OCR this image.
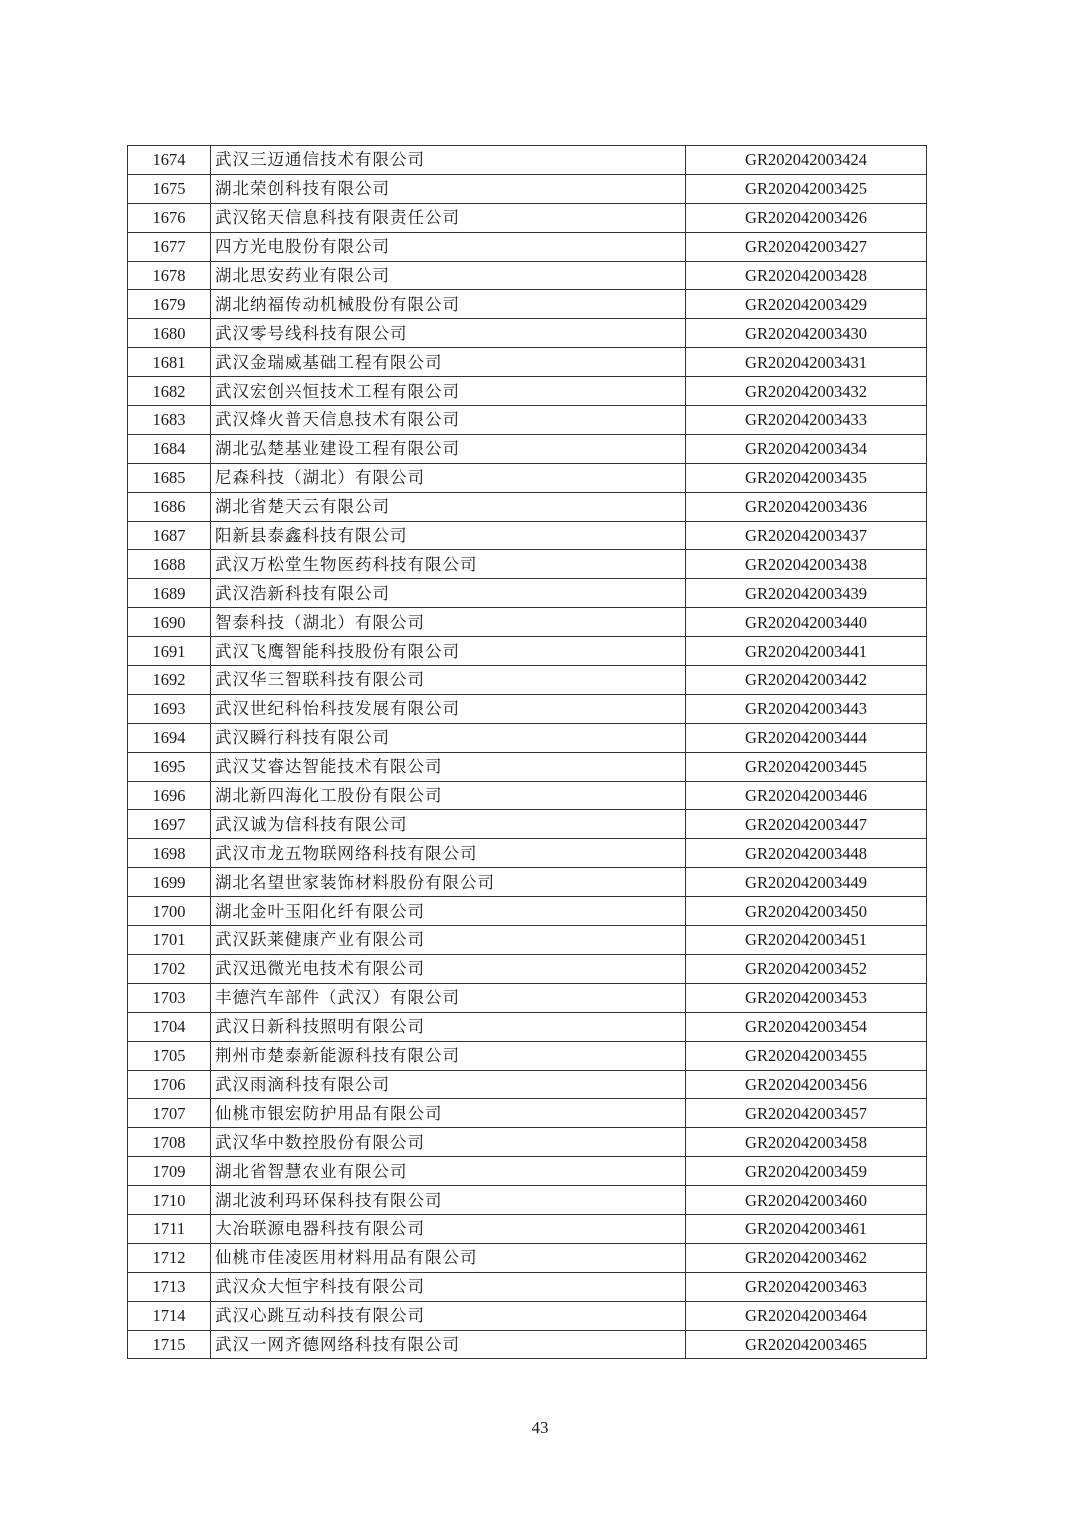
1674	武汉三迈通信技术有限公司	GR202042003424
1675	湖北荣创科技有限公司	GR202042003425
1676	武汉铭天信息科技有限责任公司	GR202042003426
1677	四方光电股份有限公司	GR202042003427
1678	湖北思安药业有限公司	GR202042003428
1679	湖北纳福传动机械股份有限公司	GR202042003429
1680	武汉零号线科技有限公司	GR202042003430
1681	武汉金瑞威基础工程有限公司	GR202042003431
1682	武汉宏创兴恒技术工程有限公司	GR202042003432
1683	武汉烽火普天信息技术有限公司	GR202042003433
1684	湖北弘楚基业建设工程有限公司	GR202042003434
1685	尼森科技（湖北）有限公司	GR202042003435
1686	湖北省楚天云有限公司	GR202042003436
1687	阳新县泰鑫科技有限公司	GR202042003437
1688	武汉万松堂生物医药科技有限公司	GR202042003438
1689	武汉浩新科技有限公司	GR202042003439
1690	智泰科技（湖北）有限公司	GR202042003440
1691	武汉飞鹰智能科技股份有限公司	GR202042003441
1692	武汉华三智联科技有限公司	GR202042003442
1693	武汉世纪科怡科技发展有限公司	GR202042003443
1694	武汉瞬行科技有限公司	GR202042003444
1695	武汉艾睿达智能技术有限公司	GR202042003445
1696	湖北新四海化工股份有限公司	GR202042003446
1697	武汉诚为信科技有限公司	GR202042003447
1698	武汉市龙五物联网络科技有限公司	GR202042003448
1699	湖北名望世家装饰材料股份有限公司	GR202042003449
1700	湖北金叶玉阳化纤有限公司	GR202042003450
1701	武汉跃莱健康产业有限公司	GR202042003451
1702	武汉迅微光电技术有限公司	GR202042003452
1703	丰德汽车部件（武汉）有限公司	GR202042003453
1704	武汉日新科技照明有限公司	GR202042003454
1705	荆州市楚泰新能源科技有限公司	GR202042003455
1706	武汉雨滴科技有限公司	GR202042003456
1707	仙桃市银宏防护用品有限公司	GR202042003457
1708	武汉华中数控股份有限公司	GR202042003458
1709	湖北省智慧农业有限公司	GR202042003459
1710	湖北波利玛环保科技有限公司	GR202042003460
1711	大冶联源电器科技有限公司	GR202042003461
1712	仙桃市佳凌医用材料用品有限公司	GR202042003462
1713	武汉众大恒宇科技有限公司	GR202042003463
1714	武汉心跳互动科技有限公司	GR202042003464
1715	武汉一网齐德网络科技有限公司	GR202042003465
43
